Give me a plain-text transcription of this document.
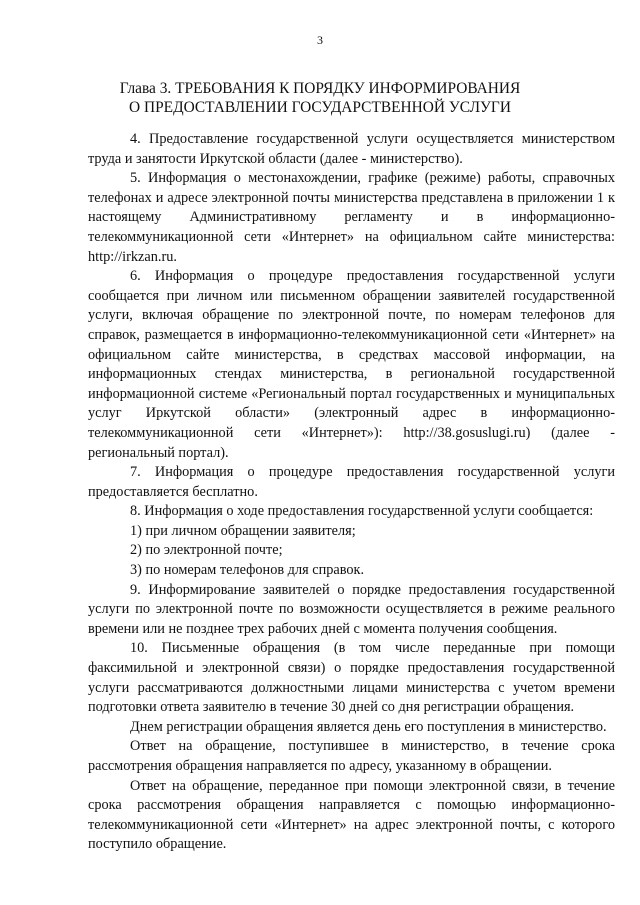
3
Глава 3. ТРЕБОВАНИЯ К ПОРЯДКУ ИНФОРМИРОВАНИЯ
О ПРЕДОСТАВЛЕНИИ ГОСУДАРСТВЕННОЙ УСЛУГИ

4. Предоставление государственной услуги осуществляется министерством труда и занятости Иркутской области (далее - министерство).

5. Информация о местонахождении, графике (режиме) работы, справочных телефонах и адресе электронной почты министерства представлена в приложении 1 к настоящему Административному регламенту и в информационно-телекоммуникационной сети «Интернет» на официальном сайте министерства: http://irkzan.ru.

6. Информация о процедуре предоставления государственной услуги сообщается при личном или письменном обращении заявителей государственной услуги, включая обращение по электронной почте, по номерам телефонов для справок, размещается в информационно-телекоммуникационной сети «Интернет» на официальном сайте министерства, в средствах массовой информации, на информационных стендах министерства, в региональной государственной информационной системе «Региональный портал государственных и муниципальных услуг Иркутской области» (электронный адрес в информационно-телекоммуникационной сети «Интернет»): http://38.gosuslugi.ru) (далее - региональный портал).

7. Информация о процедуре предоставления государственной услуги предоставляется бесплатно.

8. Информация о ходе предоставления государственной услуги сообщается:

1) при личном обращении заявителя;

2) по электронной почте;

3) по номерам телефонов для справок.

9. Информирование заявителей о порядке предоставления государственной услуги по электронной почте по возможности осуществляется в режиме реального времени или не позднее трех рабочих дней с момента получения сообщения.

10. Письменные обращения (в том числе переданные при помощи факсимильной и электронной связи) о порядке предоставления государственной услуги рассматриваются должностными лицами министерства с учетом времени подготовки ответа заявителю в течение 30 дней со дня регистрации обращения.

Днем регистрации обращения является день его поступления в министерство.

Ответ на обращение, поступившее в министерство, в течение срока рассмотрения обращения направляется по адресу, указанному в обращении.

Ответ на обращение, переданное при помощи электронной связи, в течение срока рассмотрения обращения направляется с помощью информационно-телекоммуникационной сети «Интернет» на адрес электронной почты, с которого поступило обращение.
